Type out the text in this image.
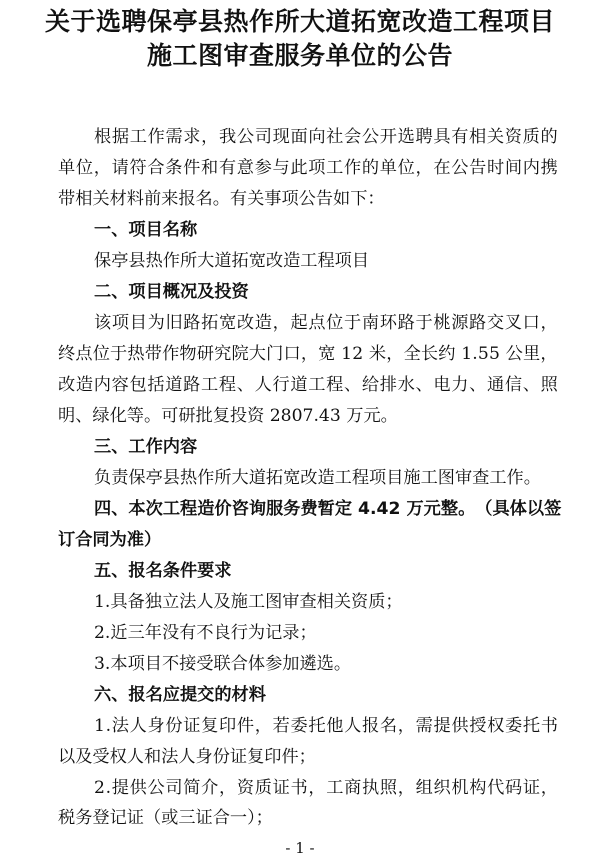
关于选聘保亭县热作所大道拓宽改造工程项目
施工图审查服务单位的公告
根 据 工 作 需 求 ， 我 公 司 现 面 向 社 会 公 开 选 聘 具 有 相 关 资 质 的
单 位 ， 请 符 合 条 件 和 有 意 参 与 此 项 工 作 的 单 位 ， 在 公 告 时 间 内 携
带相关材料前来报名。有关事项公告如下：
一、项目名称
保亭县热作所大道拓宽改造工程项目
二、项目概况及投资
该 项 目 为 旧 路 拓 宽 改 造 ， 起 点 位 于 南 环 路 于 桃 源 路 交 叉 口 ，
终 点 位 于 热 带 作 物 研 究 院 大 门 口 ， 宽
1 2
米 ， 全 长 约
1 . 5 5
公 里 ，
改 造 内 容 包 括 道 路 工 程 、 人 行 道 工 程 、 给 排 水 、 电 力 、 通 信 、 照
明、绿化等。可研批复投资 2807.43 万元。
三、工作内容
负责保亭县热作所大道拓宽改造工程项目施工图审查工作。
四 、 本 次 工 程 造 价 咨 询 服 务 费 暂 定
4 . 4 2
万 元 整 。 （ 具 体 以 签
订合同为准）
五、报名条件要求
1.具备独立法人及施工图审查相关资质；
2.近三年没有不良行为记录；
3.本项目不接受联合体参加遴选。
六、报名应提交的材料
1 . 法 人 身 份 证 复 印 件 ， 若 委 托 他 人 报 名 ， 需 提 供 授 权 委 托 书
以及受权人和法人身份证复印件；
2 . 提 供 公 司 简 介 ， 资 质 证 书 ， 工 商 执 照 ， 组 织 机 构 代 码 证 ，
税务登记证（或三证合一）；
- 1 -
